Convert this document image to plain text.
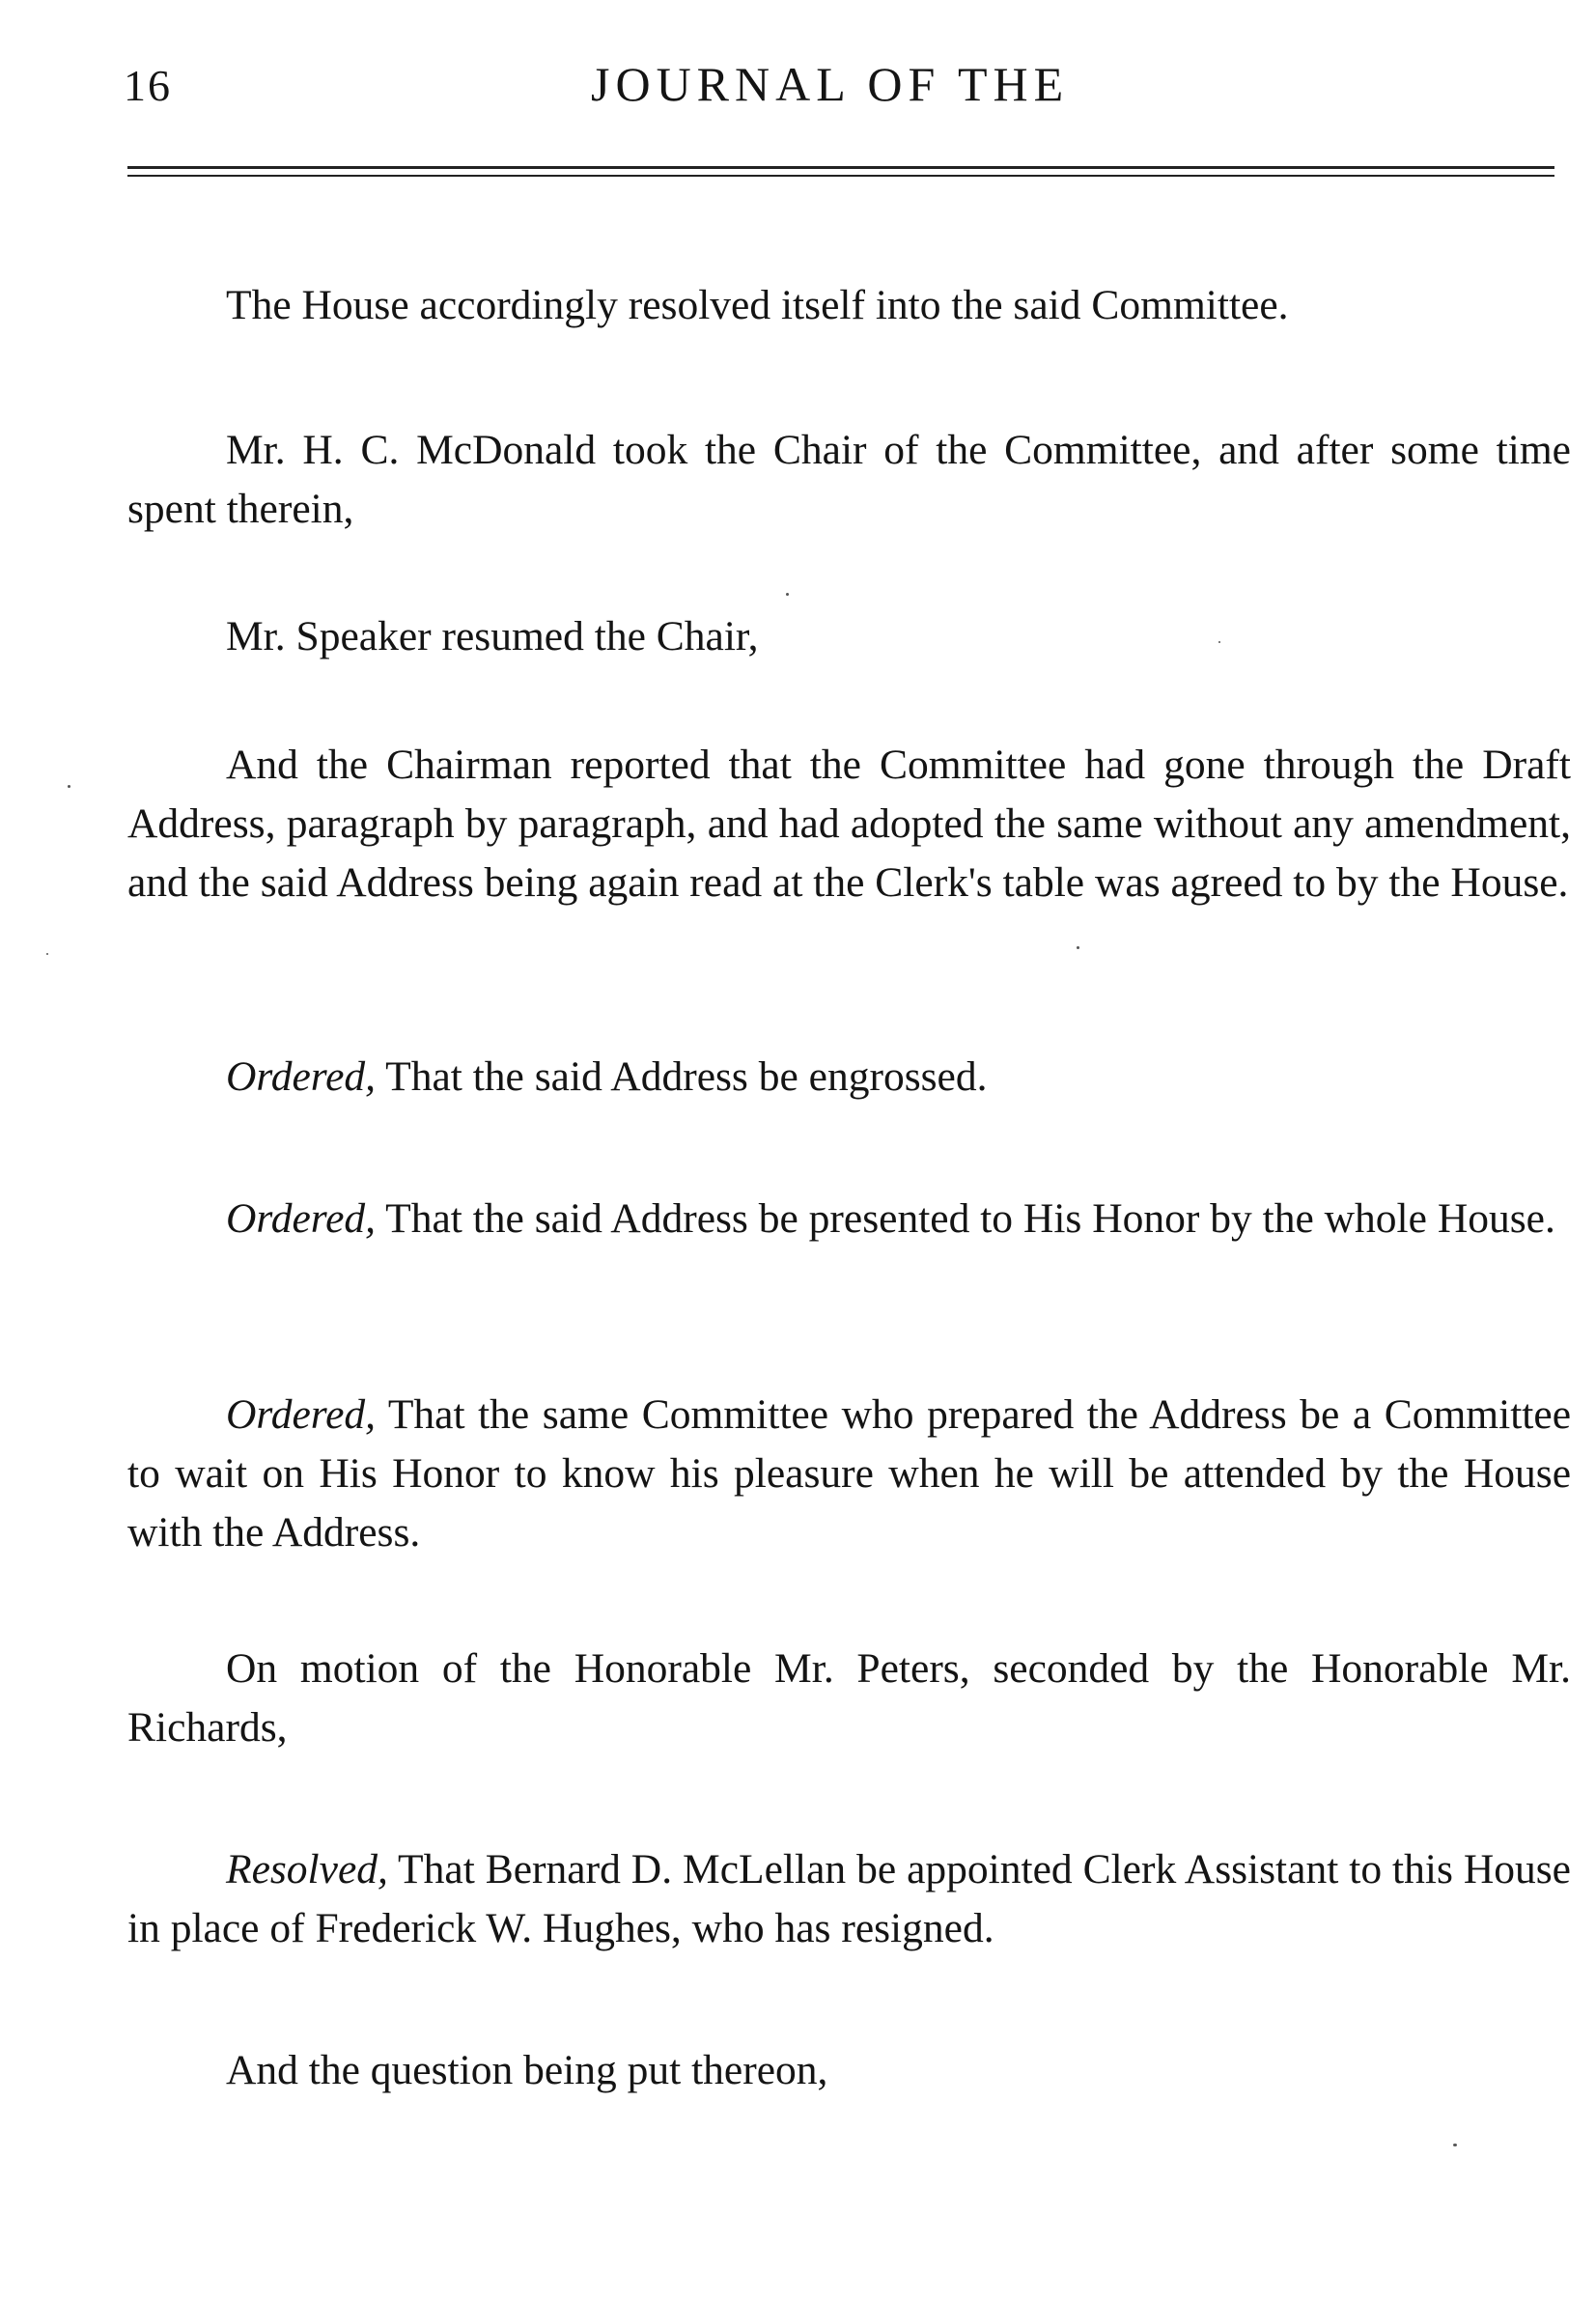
16	JOURNAL OF THE

The House accordingly resolved itself into the said Committee.

Mr. H. C. McDonald took the Chair of the Committee, and after some time spent therein,

Mr. Speaker resumed the Chair,

And the Chairman reported that the Committee had gone through the Draft Address, paragraph by paragraph, and had adopted the same without any amendment, and the said Address being again read at the Clerk's table was agreed to by the House.

Ordered, That the said Address be engrossed.

Ordered, That the said Address be presented to His Honor by the whole House.

Ordered, That the same Committee who prepared the Address be a Committee to wait on His Honor to know his pleasure when he will be attended by the House with the Address.

On motion of the Honorable Mr. Peters, seconded by the Honorable Mr. Richards,

Resolved, That Bernard D. McLellan be appointed Clerk Assistant to this House in place of Frederick W. Hughes, who has resigned.

And the question being put thereon,
